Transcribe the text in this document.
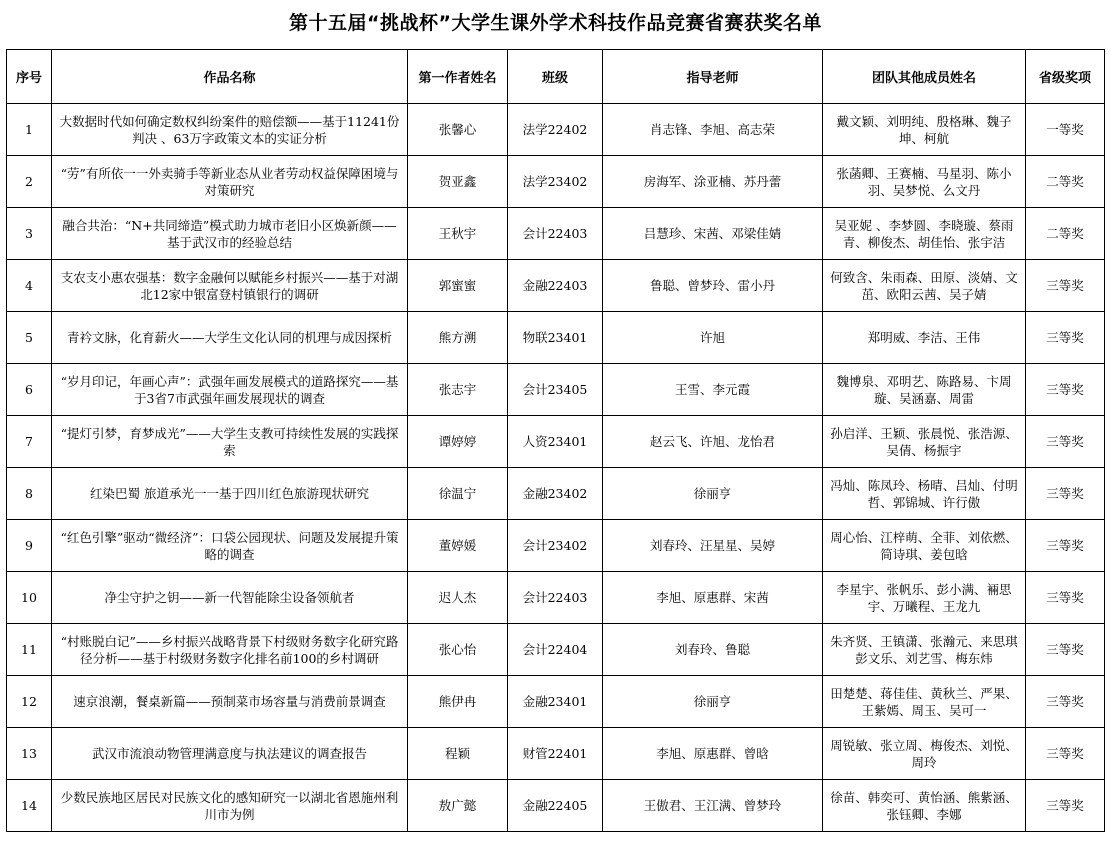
第十五届“挑战杯”大学生课外学术科技作品竞赛省赛获奖名单
序号	作品名称	第一作者姓名	班级	指导老师	团队其他成员姓名	省级奖项
1	大数据时代如何确定数权纠纷案件的赔偿额——基于11241份判决 、63万字政策文本的实证分析	张馨心	法学22402	肖志锋、李旭、高志荣	戴文颖、刘明纯、殷格琳、魏子坤、柯航	一等奖
2	“劳”有所依一一外卖骑手等新业态从业者劳动权益保障困境与对策研究	贺亚鑫	法学23402	房海军、涂亚楠、苏丹蕾	张菡卿、王赛楠、马星羽、陈小羽、吴梦悦、么文丹	二等奖
3	融合共治：“N+共同缔造”模式助力城市老旧小区焕新颜——基于武汉市的经验总结	王秋宇	会计22403	吕慧珍、宋茜、邓梁佳婧	吴亚妮 、李梦圆、李晓璇、蔡雨青、柳俊杰、胡佳怡、张宇洁	二等奖
4	支农支小惠农强基：数字金融何以赋能乡村振兴——基于对湖北12家中银富登村镇银行的调研	郭蜜蜜	金融22403	鲁聪、曾梦玲、雷小丹	何致含、朱雨森、田原、淡婧、文茁、欧阳云茜、吴子婧	三等奖
5	青衿文脉，化育薪火——大学生文化认同的机理与成因探析	熊方溯	物联23401	许旭	郑明威、李洁、王伟	三等奖
6	“岁月印记，年画心声”：武强年画发展模式的道路探究——基于3省7市武强年画发展现状的调查	张志宇	会计23405	王雪、李元霞	魏博泉、邓明艺、陈路易、卞周璇、吴涵嘉、周雷	三等奖
7	“提灯引梦，育梦成光”——大学生支教可持续性发展的实践探索	谭婷婷	人资23401	赵云飞、许旭、龙怡君	孙启洋、王颖、张晨悦、张浩源、吴倩、杨振宇	三等奖
8	红染巴蜀 旅道承光一一基于四川红色旅游现状研究	徐温宁	金融23402	徐丽亨	冯灿、陈凤玲、杨晴、吕灿、付明哲、郭锦城、许行傲	三等奖
9	“红色引擎”驱动“微经济”：口袋公园现状、问题及发展提升策略的调查	董婷媛	会计23402	刘春玲、汪星星、吴婷	周心怡、江梓萌、全菲、刘依燃、简诗琪、姜包晗	三等奖
10	净尘守护之钥——新一代智能除尘设备领航者	迟人杰	会计22403	李旭、原惠群、宋茜	李星宇、张帆乐、彭小满、裲思宇、万曦程、王龙九	三等奖
11	“村账脱白记”——乡村振兴战略背景下村级财务数字化研究路径分析——基于村级财务数字化排名前100的乡村调研	张心怡	会计22404	刘春玲、鲁聪	朱齐贤、王镇潇、张瀚元、来思琪 彭文乐、刘艺雪、梅东炜	三等奖
12	速京浪潮，餐桌新篇——预制菜市场容量与消费前景调查	熊伊冉	金融23401	徐丽亨	田楚楚、蒋佳佳、黄秋兰、严果、王紫嫣、周玉、吴可一	三等奖
13	武汉市流浪动物管理满意度与执法建议的调查报告	程颖	财管22401	李旭、原惠群、曾晗	周锐敏、张立周、梅俊杰、刘悦、 周玲	三等奖
14	少数民族地区居民对民族文化的感知研究一以湖北省恩施州利川市为例	敖广懿	金融22405	王傲君、王江满、曾梦玲	徐苗、韩奕可、黄怡涵、熊紫涵、 张钰卿、李娜	三等奖
